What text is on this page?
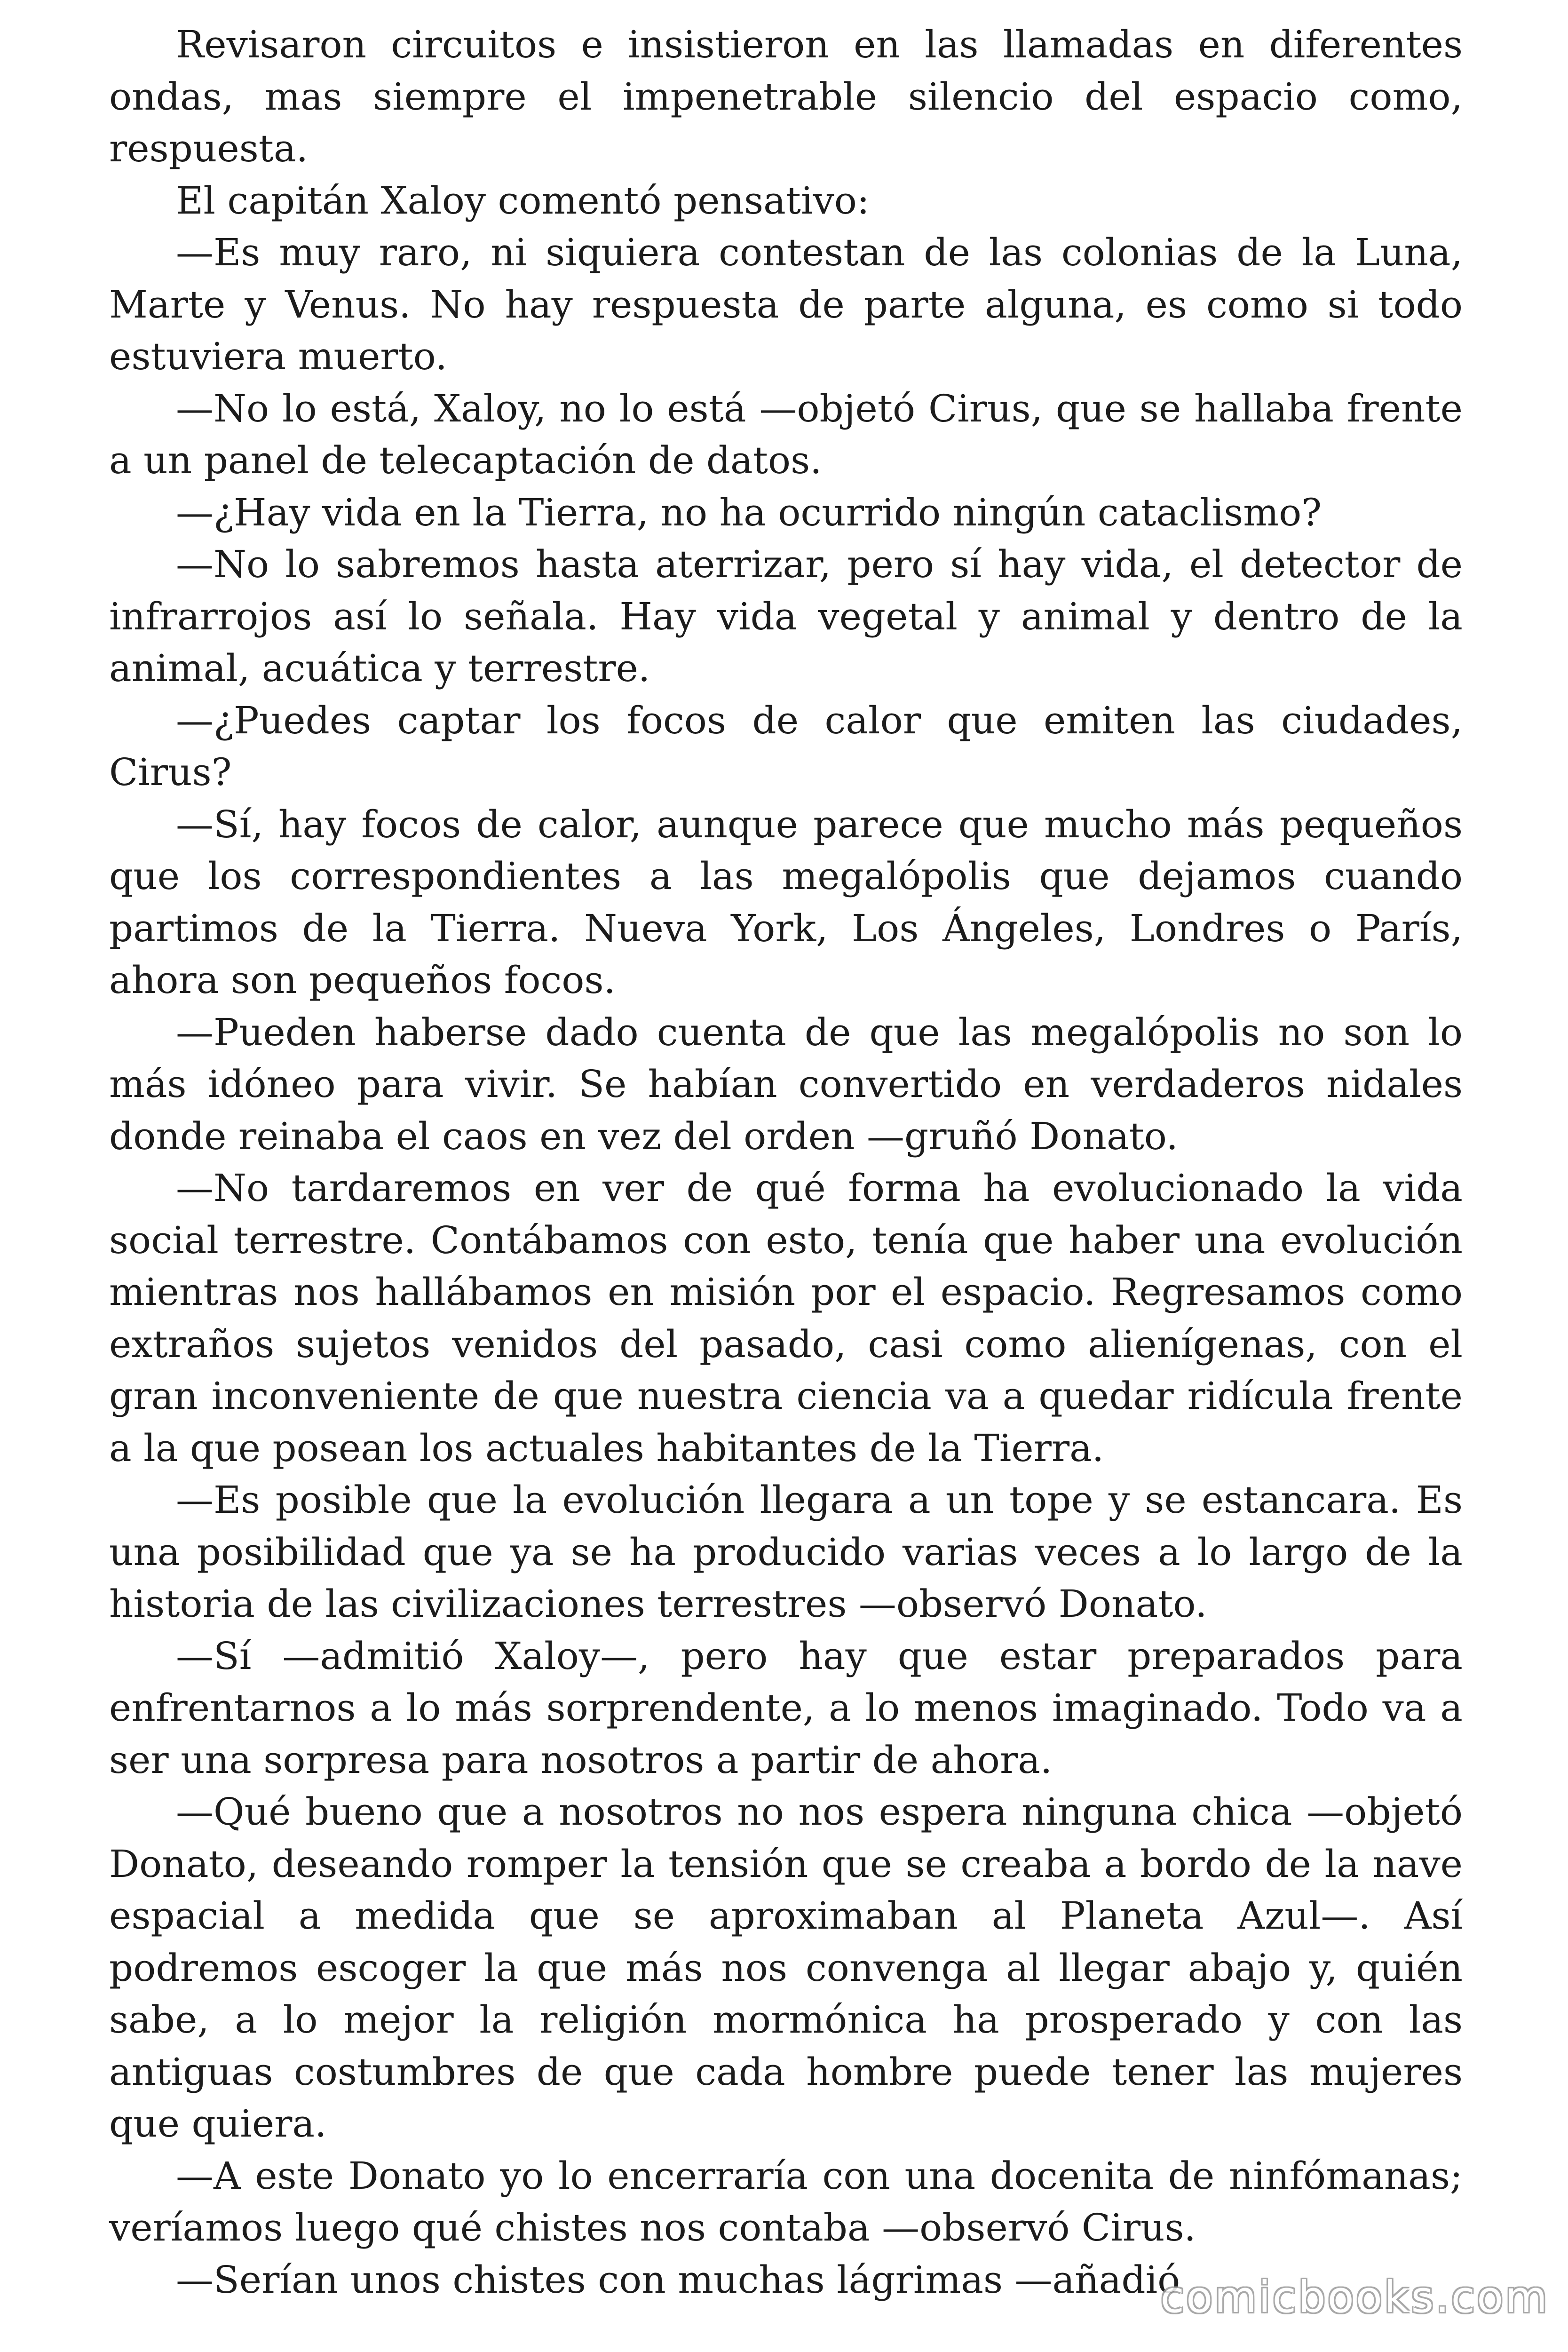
Revisaron circuitos e insistieron en las llamadas en diferentes ondas, mas siempre el impenetrable silencio del espacio como, respuesta.

El capitán Xaloy comentó pensativo:

—Es muy raro, ni siquiera contestan de las colonias de la Luna, Marte y Venus. No hay respuesta de parte alguna, es como si todo estuviera muerto.

—No lo está, Xaloy, no lo está —objetó Cirus, que se hallaba frente a un panel de telecaptación de datos.

—¿Hay vida en la Tierra, no ha ocurrido ningún cataclismo?

—No lo sabremos hasta aterrizar, pero sí hay vida, el detector de infrarrojos así lo señala. Hay vida vegetal y animal y dentro de la animal, acuática y terrestre.

—¿Puedes captar los focos de calor que emiten las ciudades, Cirus?

—Sí, hay focos de calor, aunque parece que mucho más pequeños que los correspondientes a las megalópolis que dejamos cuando partimos de la Tierra. Nueva York, Los Ángeles, Londres o París, ahora son pequeños focos.

—Pueden haberse dado cuenta de que las megalópolis no son lo más idóneo para vivir. Se habían convertido en verdaderos nidales donde reinaba el caos en vez del orden —gruñó Donato.

—No tardaremos en ver de qué forma ha evolucionado la vida social terrestre. Contábamos con esto, tenía que haber una evolución mientras nos hallábamos en misión por el espacio. Regresamos como extraños sujetos venidos del pasado, casi como alienígenas, con el gran inconveniente de que nuestra ciencia va a quedar ridícula frente a la que posean los actuales habitantes de la Tierra.

—Es posible que la evolución llegara a un tope y se estancara. Es una posibilidad que ya se ha producido varias veces a lo largo de la historia de las civilizaciones terrestres —observó Donato.

—Sí —admitió Xaloy—, pero hay que estar preparados para enfrentarnos a lo más sorprendente, a lo menos imaginado. Todo va a ser una sorpresa para nosotros a partir de ahora.

—Qué bueno que a nosotros no nos espera ninguna chica —objetó Donato, deseando romper la tensión que se creaba a bordo de la nave espacial a medida que se aproximaban al Planeta Azul—. Así podremos escoger la que más nos convenga al llegar abajo y, quién sabe, a lo mejor la religión mormónica ha prosperado y con las antiguas costumbres de que cada hombre puede tener las mujeres que quiera.

—A este Donato yo lo encerraría con una docenita de ninfómanas; veríamos luego qué chistes nos contaba —observó Cirus.

—Serían unos chistes con muchas lágrimas —añadió

comicbooks.com
